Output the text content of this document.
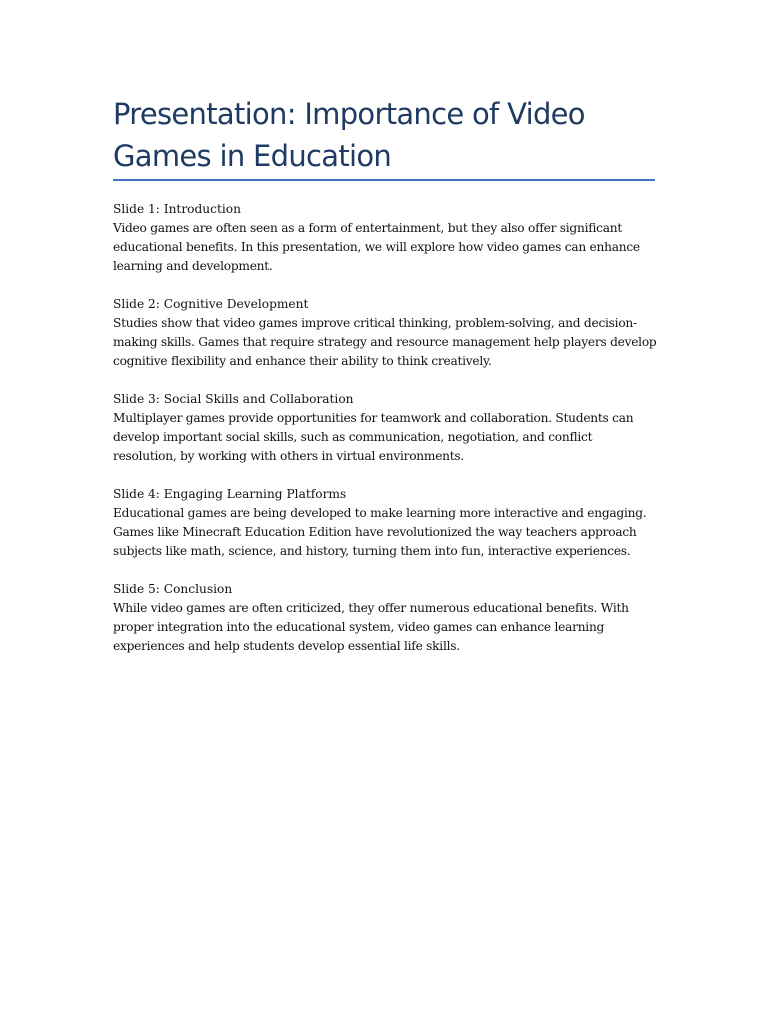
Presentation: Importance of Video Games in Education

Slide 1: Introduction

Video games are often seen as a form of entertainment, but they also offer significant educational benefits. In this presentation, we will explore how video games can enhance learning and development.

Slide 2: Cognitive Development

Studies show that video games improve critical thinking, problem-solving, and decision-making skills. Games that require strategy and resource management help players develop cognitive flexibility and enhance their ability to think creatively.

Slide 3: Social Skills and Collaboration

Multiplayer games provide opportunities for teamwork and collaboration. Students can develop important social skills, such as communication, negotiation, and conflict resolution, by working with others in virtual environments.

Slide 4: Engaging Learning Platforms

Educational games are being developed to make learning more interactive and engaging. Games like Minecraft Education Edition have revolutionized the way teachers approach subjects like math, science, and history, turning them into fun, interactive experiences.

Slide 5: Conclusion

While video games are often criticized, they offer numerous educational benefits. With proper integration into the educational system, video games can enhance learning experiences and help students develop essential life skills.
